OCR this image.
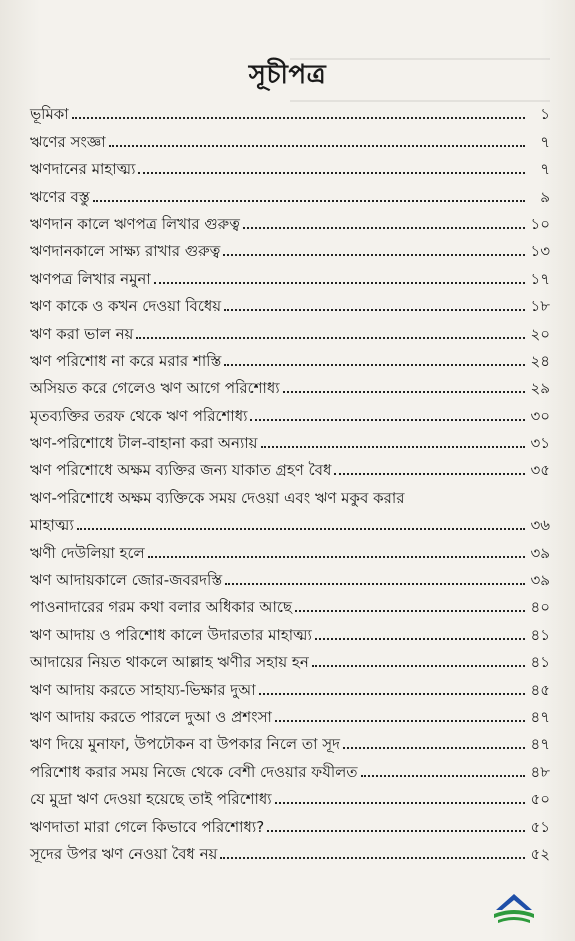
সূচীপত্র
ভূমিকা	১
ঋণের সংজ্ঞা	৭
ঋণদানের মাহাত্ম্য	৭
ঋণের বস্তু	৯
ঋণদান কালে ঋণপত্র লিখার গুরুত্ব	১০
ঋণদানকালে সাক্ষ্য রাখার গুরুত্ব	১৩
ঋণপত্র লিখার নমুনা	১৭
ঋণ কাকে ও কখন দেওয়া বিধেয়	১৮
ঋণ করা ভাল নয়	২০
ঋণ পরিশোধ না করে মরার শাস্তি	২৪
অসিয়ত করে গেলেও ঋণ আগে পরিশোধ্য	২৯
মৃতব্যক্তির তরফ থেকে ঋণ পরিশোধ্য	৩০
ঋণ-পরিশোধে টাল-বাহানা করা অন্যায়	৩১
ঋণ পরিশোধে অক্ষম ব্যক্তির জন্য যাকাত গ্রহণ বৈধ	৩৫
ঋণ-পরিশোধে অক্ষম ব্যক্তিকে সময় দেওয়া এবং ঋণ মকুব করার
মাহাত্ম্য	৩৬
ঋণী দেউলিয়া হলে	৩৯
ঋণ আদায়কালে জোর-জবরদস্তি	৩৯
পাওনাদারের গরম কথা বলার অধিকার আছে	৪০
ঋণ আদায় ও পরিশোধ কালে উদারতার মাহাত্ম্য	৪১
আদায়ের নিয়ত থাকলে আল্লাহ ঋণীর সহায় হন	৪১
ঋণ আদায় করতে সাহায্য-ভিক্ষার দুআ	৪৫
ঋণ আদায় করতে পারলে দুআ ও প্রশংসা	৪৭
ঋণ দিয়ে মুনাফা, উপঢৌকন বা উপকার নিলে তা সূদ	৪৭
পরিশোধ করার সময় নিজে থেকে বেশী দেওয়ার ফযীলত	৪৮
যে মুদ্রা ঋণ দেওয়া হয়েছে তাই পরিশোধ্য	৫০
ঋণদাতা মারা গেলে কিভাবে পরিশোধ্য?	৫১
সূদের উপর ঋণ নেওয়া বৈধ নয়	৫২
